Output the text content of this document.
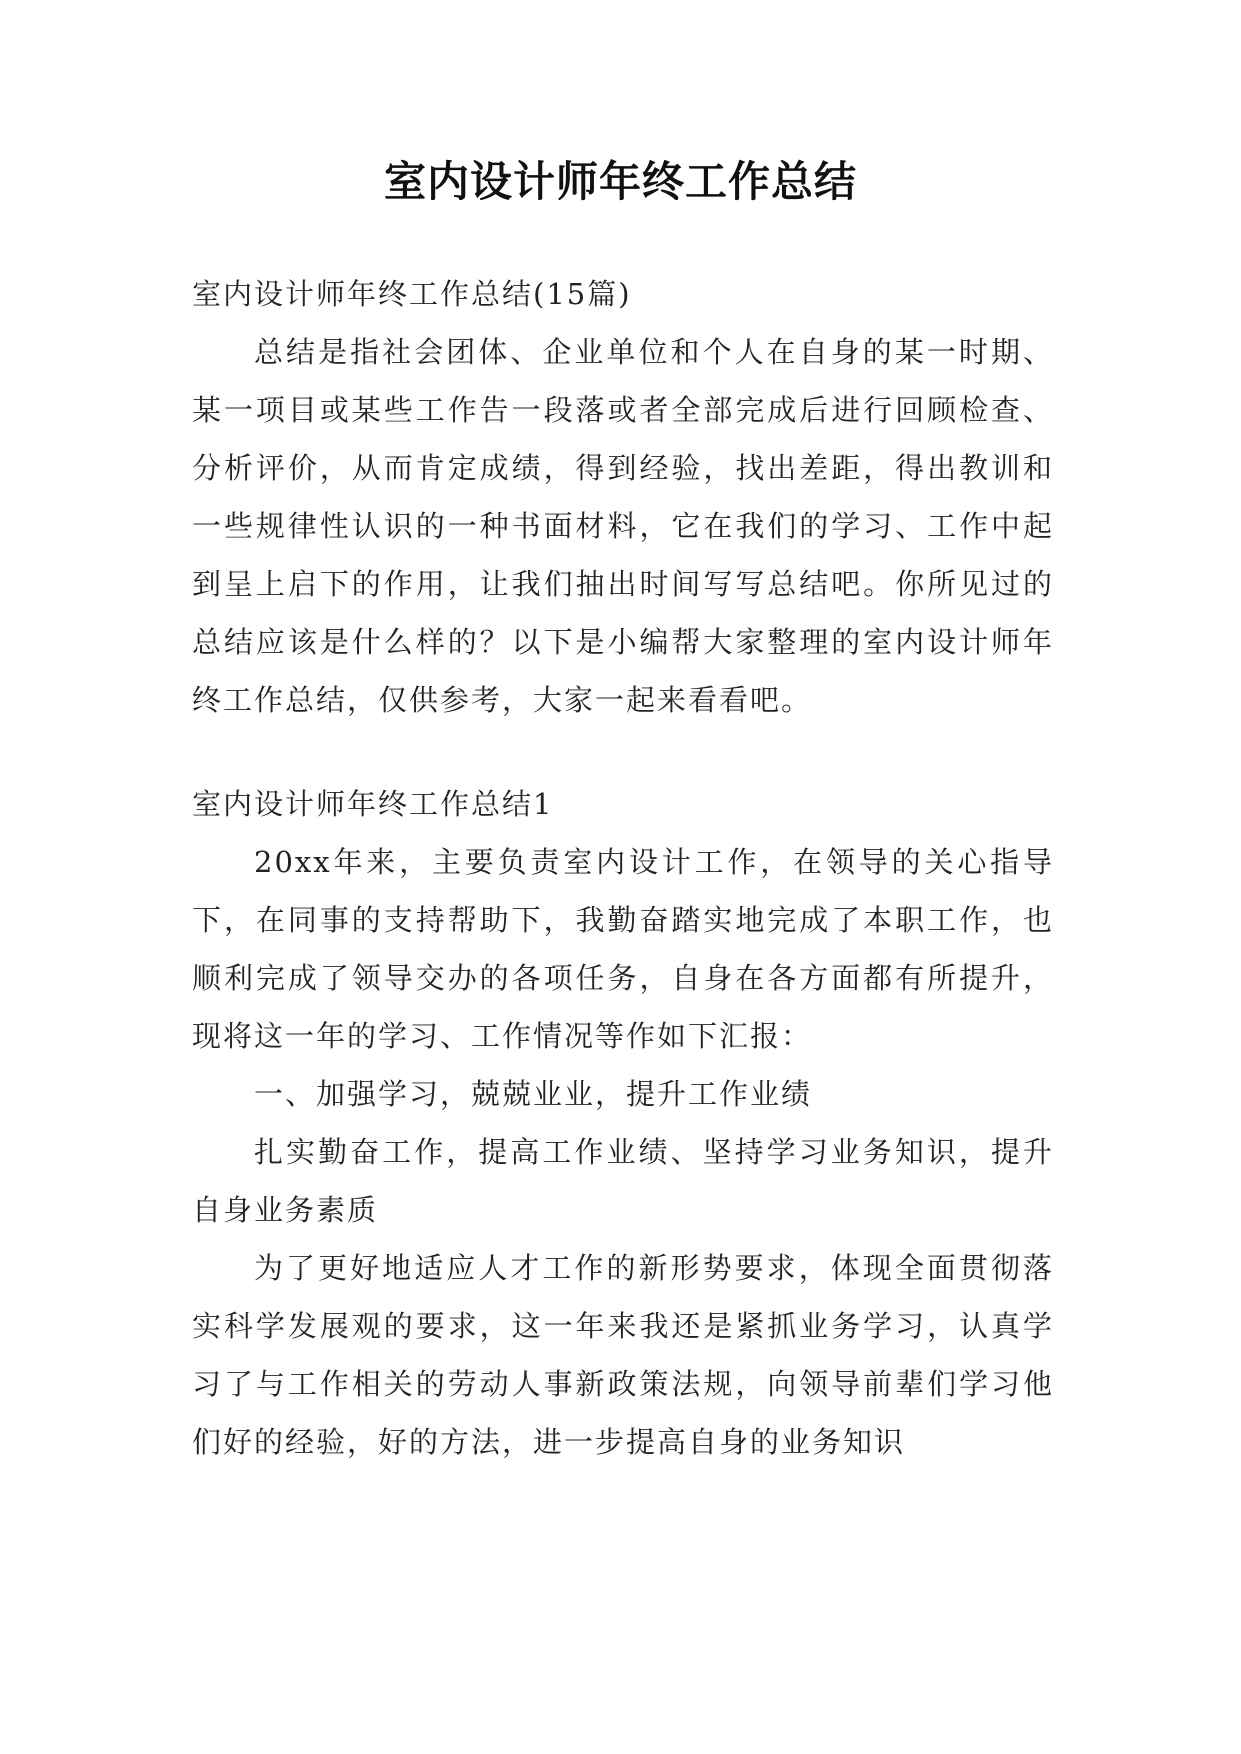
室内设计师年终工作总结

室内设计师年终工作总结(15篇)

总结是指社会团体、企业单位和个人在自身的某一时期、某一项目或某些工作告一段落或者全部完成后进行回顾检查、分析评价，从而肯定成绩，得到经验，找出差距，得出教训和一些规律性认识的一种书面材料，它在我们的学习、工作中起到呈上启下的作用，让我们抽出时间写写总结吧。你所见过的总结应该是什么样的？以下是小编帮大家整理的室内设计师年终工作总结，仅供参考，大家一起来看看吧。

室内设计师年终工作总结1

20xx年来，主要负责室内设计工作，在领导的关心指导下，在同事的支持帮助下，我勤奋踏实地完成了本职工作，也顺利完成了领导交办的各项任务，自身在各方面都有所提升，现将这一年的学习、工作情况等作如下汇报：

一、加强学习，兢兢业业，提升工作业绩

扎实勤奋工作，提高工作业绩、坚持学习业务知识，提升自身业务素质

为了更好地适应人才工作的新形势要求，体现全面贯彻落实科学发展观的要求，这一年来我还是紧抓业务学习，认真学习了与工作相关的劳动人事新政策法规，向领导前辈们学习他们好的经验，好的方法，进一步提高自身的业务知识
